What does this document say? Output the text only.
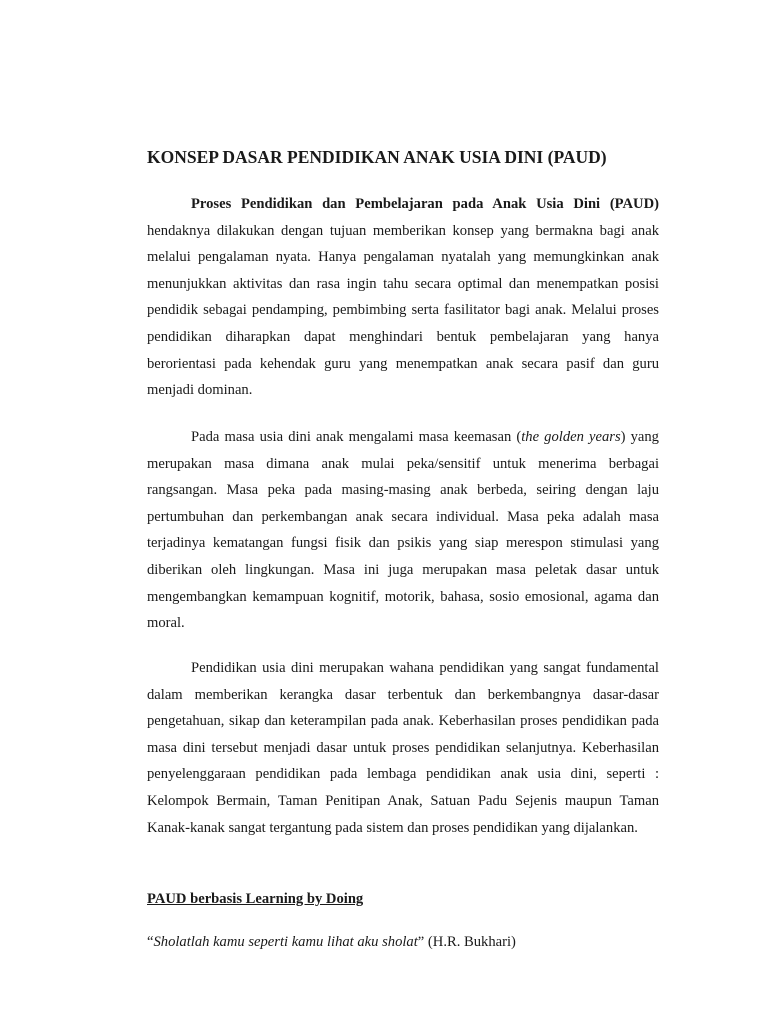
KONSEP DASAR PENDIDIKAN ANAK USIA DINI (PAUD)

Proses Pendidikan dan Pembelajaran pada Anak Usia Dini (PAUD) hendaknya dilakukan dengan tujuan memberikan konsep yang bermakna bagi anak melalui pengalaman nyata. Hanya pengalaman nyatalah yang memungkinkan anak menunjukkan aktivitas dan rasa ingin tahu secara optimal dan menempatkan posisi pendidik sebagai pendamping, pembimbing serta fasilitator bagi anak. Melalui proses pendidikan diharapkan dapat menghindari bentuk pembelajaran yang hanya berorientasi pada kehendak guru yang menempatkan anak secara pasif dan guru menjadi dominan.

Pada masa usia dini anak mengalami masa keemasan (the golden years) yang merupakan masa dimana anak mulai peka/sensitif untuk menerima berbagai rangsangan. Masa peka pada masing-masing anak berbeda, seiring dengan laju pertumbuhan dan perkembangan anak secara individual. Masa peka adalah masa terjadinya kematangan fungsi fisik dan psikis yang siap merespon stimulasi yang diberikan oleh lingkungan. Masa ini juga merupakan masa peletak dasar untuk mengembangkan kemampuan kognitif, motorik, bahasa, sosio emosional, agama dan moral.

Pendidikan usia dini merupakan wahana pendidikan yang sangat fundamental dalam memberikan kerangka dasar terbentuk dan berkembangnya dasar-dasar pengetahuan, sikap dan keterampilan pada anak. Keberhasilan proses pendidikan pada masa dini tersebut menjadi dasar untuk proses pendidikan selanjutnya. Keberhasilan penyelenggaraan pendidikan pada lembaga pendidikan anak usia dini, seperti : Kelompok Bermain, Taman Penitipan Anak, Satuan Padu Sejenis maupun Taman Kanak-kanak sangat tergantung pada sistem dan proses pendidikan yang dijalankan.

PAUD berbasis Learning by Doing

“Sholatlah kamu seperti kamu lihat aku sholat” (H.R. Bukhari)
